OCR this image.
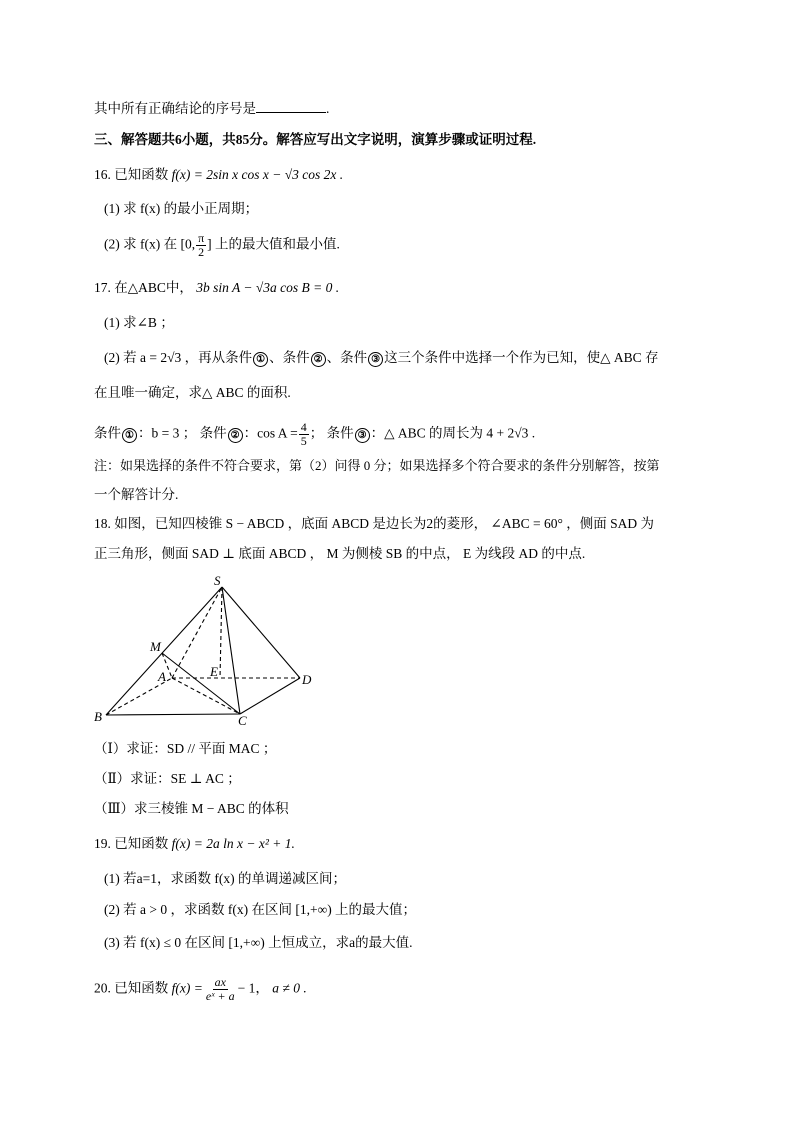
其中所有正确结论的序号是	.
三、解答题共6小题，共85分。解答应写出文字说明，演算步骤或证明过程.
16. 已知函数 f(x) = 2sin x cos x − √3 cos 2x .
(1) 求 f(x) 的最小正周期；
(2) 求 f(x) 在 [0, $\frac{\pi}{2}$ ] 上的最大值和最小值.
17. 在△ABC中， 3b sin A − √3a cos B = 0 .
(1) 求∠B ；
(2) 若 a = 2√3 ，再从条件 ① 、条件 ② 、条件 ③ 这三个条件中选择一个作为已知，使△ ABC 存
在且唯一确定，求△ ABC 的面积.
条件 ① ：b = 3 ； 条件 ② ：$\cos A = \frac{4}{5}$ ； 条件 ③ ：△ ABC 的周长为 4 + 2√3 .
注：如果选择的条件不符合要求，第（2）问得 0 分；如果选择多个符合要求的条件分别解答，按第
一个解答计分.
18. 如图，已知四棱锥 S − ABCD ，底面 ABCD 是边长为2的菱形， ∠ABC = 60° ，侧面 SAD 为
正三角形，侧面 SAD ⊥ 底面 ABCD ， M 为侧棱 SB 的中点， E 为线段 AD 的中点.
S
M
A	E
D
B	C
（Ⅰ）求证：SD // 平面 MAC ；
（Ⅱ）求证：SE ⊥ AC ；
（Ⅲ）求三棱锥 M − ABC 的体积
19. 已知函数 f(x) = 2a ln x − x² + 1.
(1) 若a=1，求函数 f(x) 的单调递减区间；
(2) 若 a > 0 ，求函数 f(x) 在区间 [1,+∞) 上的最大值；
(3) 若 f(x) ≤ 0 在区间 [1,+∞) 上恒成立，求a的最大值.
20. 已知函数 $f(x) = \frac{ax}{\text{eˣ + a}} - 1$， a ≠ 0 .
